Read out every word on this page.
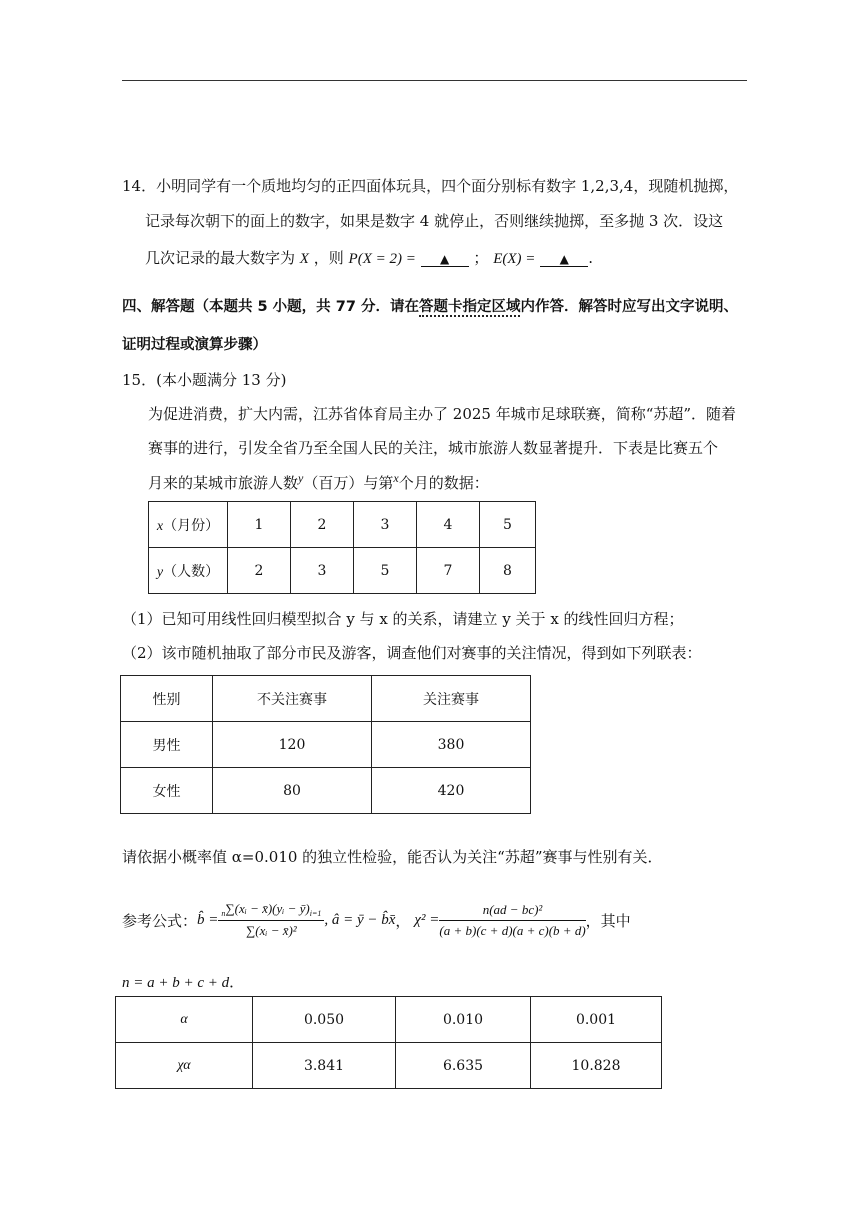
14．小明同学有一个质地均匀的正四面体玩具，四个面分别标有数字 1,2,3,4，现随机抛掷，
记录每次朝下的面上的数字，如果是数字 4 就停止，否则继续抛掷，至多抛 3 次．设这
几次记录的最大数字为 X ，则 P(X = 2) = ▲ ； E(X) = ▲ .
四、解答题（本题共 5 小题，共 77 分．请在答题卡指定区域内作答．解答时应写出文字说明、
证明过程或演算步骤）
15．(本小题满分 13 分)
为促进消费，扩大内需，江苏省体育局主办了 2025 年城市足球联赛，简称“苏超”．随着
赛事的进行，引发全省乃至全国人民的关注，城市旅游人数显著提升．下表是比赛五个
月来的某城市旅游人数$^y$（百万）与第$^x$个月的数据：
x（月份）	1	2	3	4	5
y（人数）	2	3	5	7	8
（1）已知可用线性回归模型拟合 y 与 x 的关系，请建立 y 关于 x 的线性回归方程；
（2）该市随机抽取了部分市民及游客，调查他们对赛事的关注情况，得到如下列联表：
性别	不关注赛事	关注赛事
男性	120	380
女性	80	420
请依据小概率值 α=0.010 的独立性检验，能否认为关注“苏超”赛事与性别有关．
参考公式： b̂ = $\frac{_n\sum(xᵢ - x̄)(yᵢ - ȳ)_{i=1}}{\text{∑(xᵢ − x̄)²}}$ , â = ȳ − b̂x̄ ， $\chi^2 = \frac{\text{n(ad − bc)²}}{(a + b)(c + d)(a + c)(b + d)}$ ，其中
n = a + b + c + d．
α	0.050	0.010	0.001
χα	3.841	6.635	10.828
